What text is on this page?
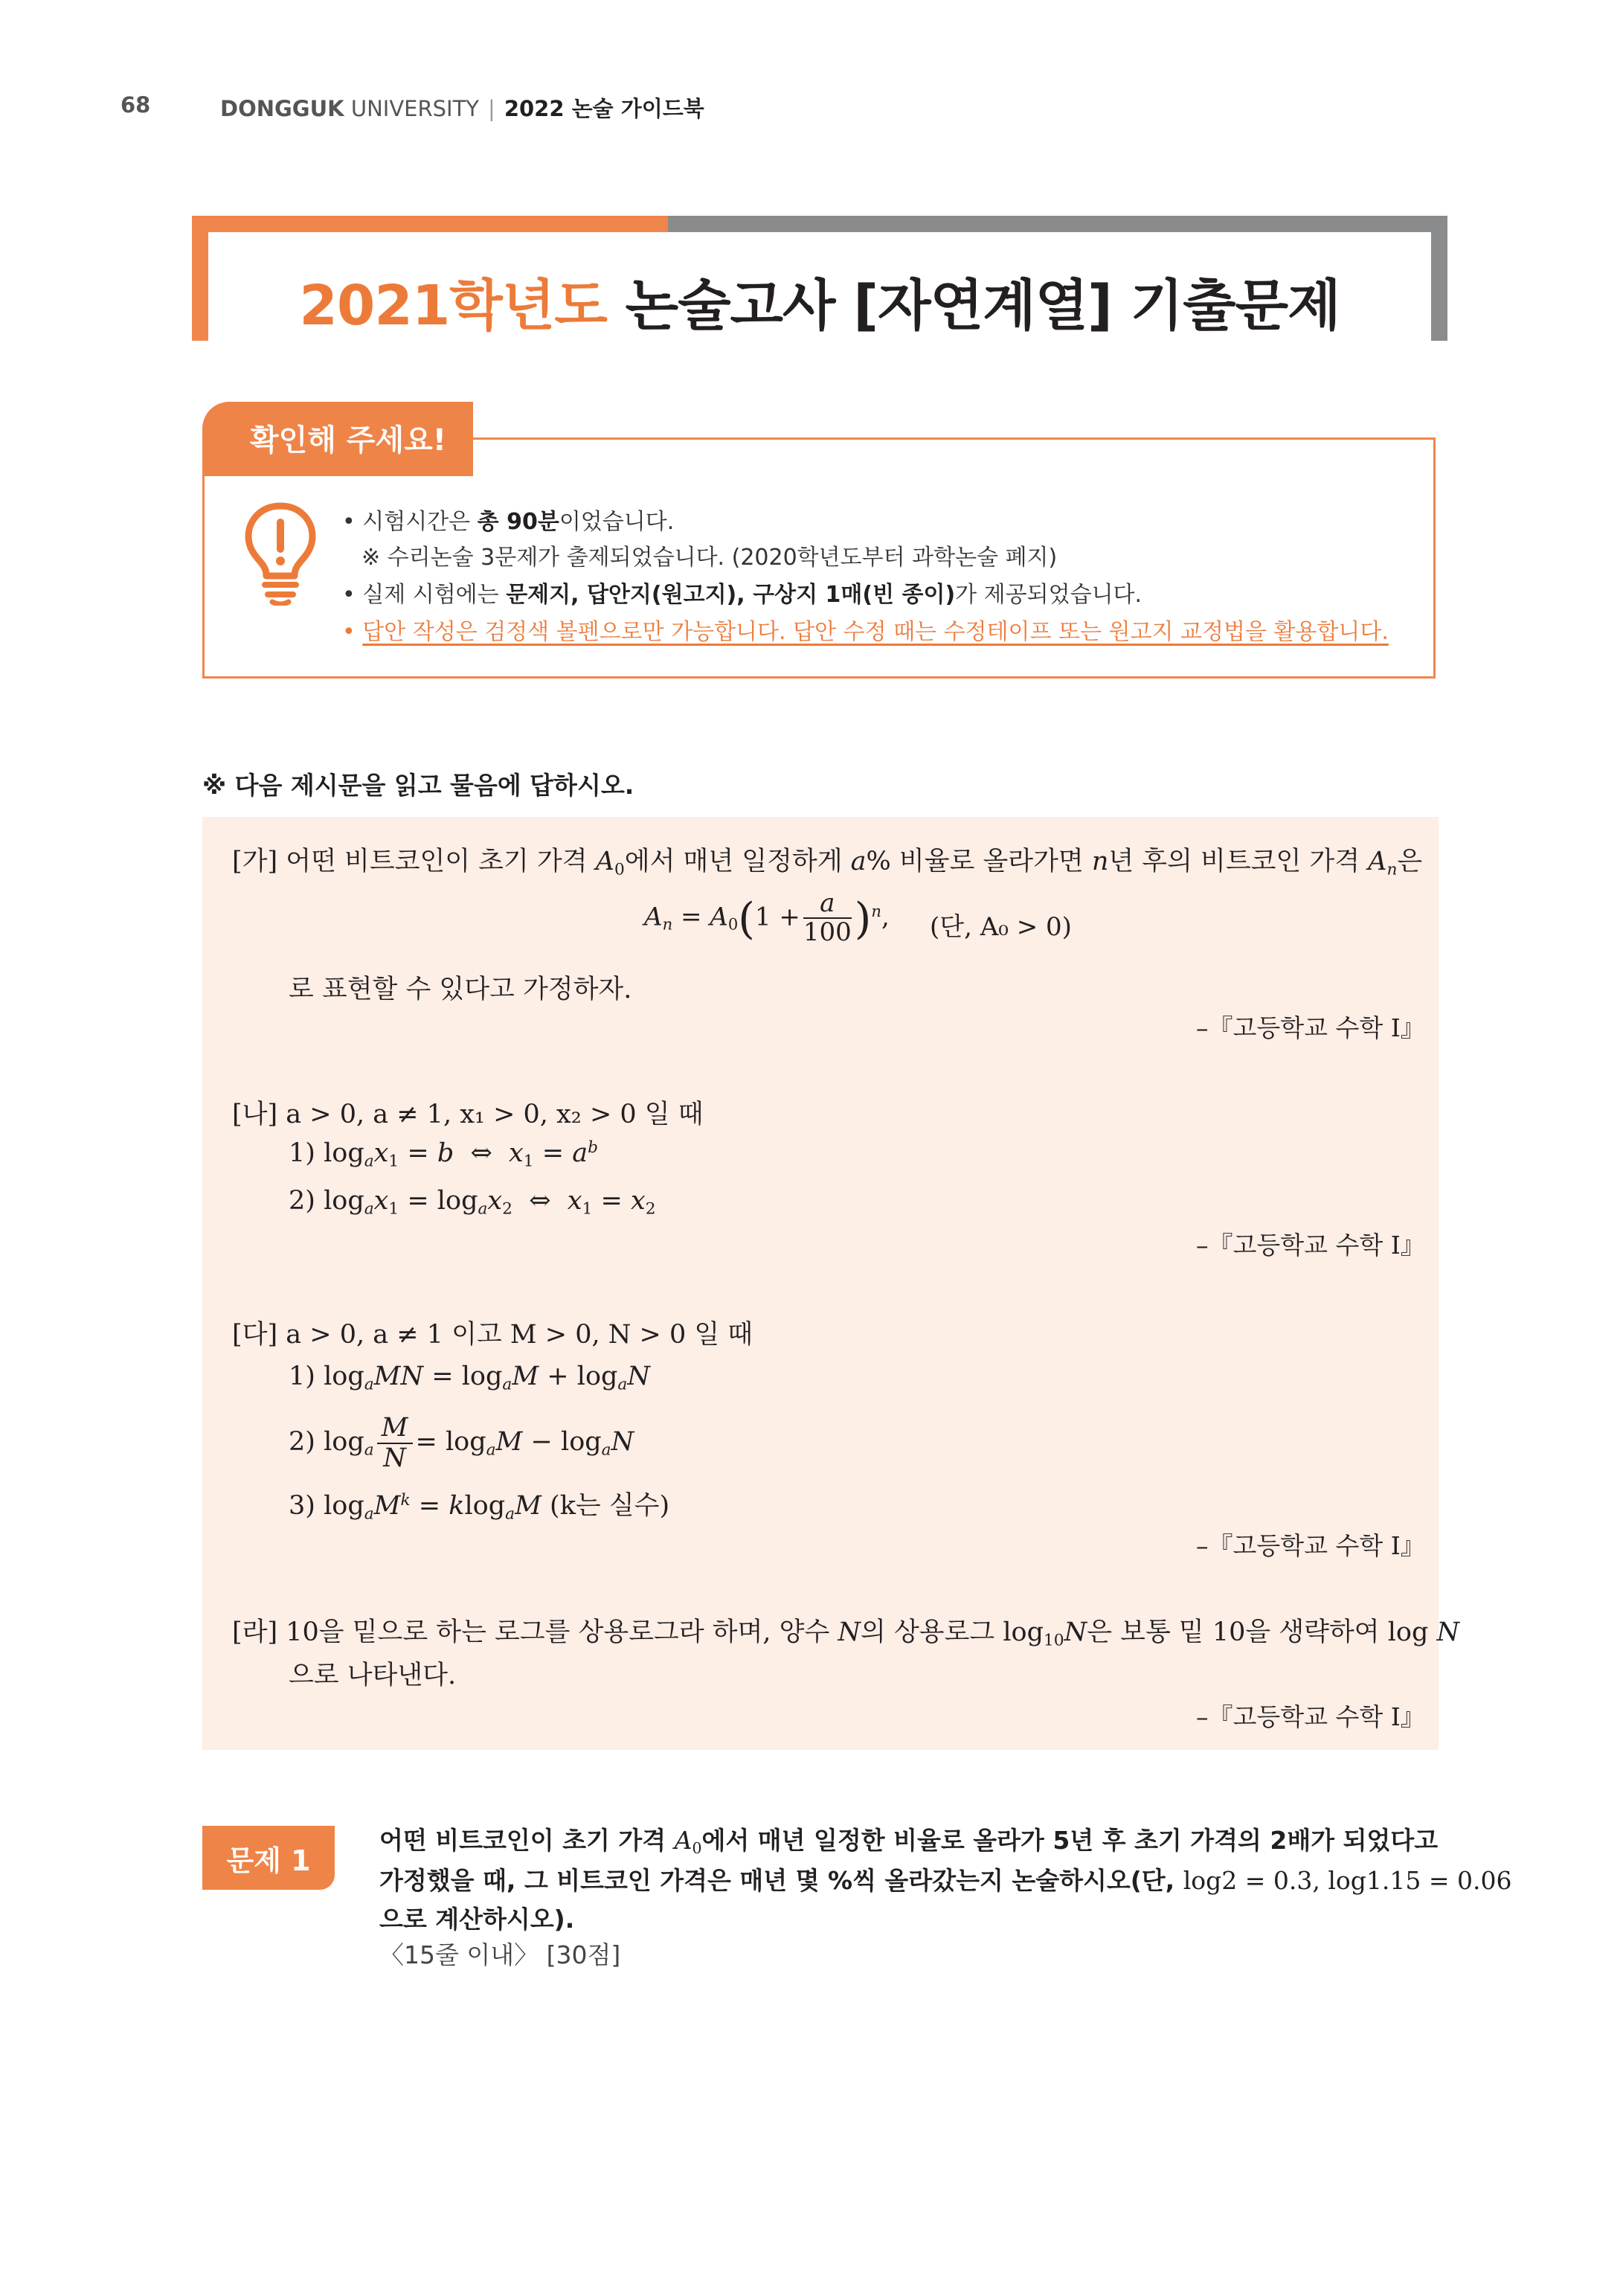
68	DONGGUK UNIVERSITY | 2022 논술 가이드북
2021학년도 논술고사 [자연계열] 기출문제
확인해 주세요!
• 시험시간은 총 90분이었습니다.
※ 수리논술 3문제가 출제되었습니다. (2020학년도부터 과학논술 폐지)
• 실제 시험에는 문제지, 답안지(원고지), 구상지 1매(빈 종이)가 제공되었습니다.
• 답안 작성은 검정색 볼펜으로만 가능합니다. 답안 수정 때는 수정테이프 또는 원고지 교정법을 활용합니다.
※ 다음 제시문을 읽고 물음에 답하시오.
[가] 어떤 비트코인이 초기 가격 $A_0$에서 매년 일정하게 a% 비율로 올라가면 n년 후의 비트코인 가격 $A_n$은
$A_n = A_0(1 + \frac{a}{100} )^n$, (단, A₀ > 0)
로 표현할 수 있다고 가정하자.
–『고등학교 수학 I』
[나] a > 0, a ≠ 1, x₁ > 0, x₂ > 0 일 때
1) $\log_ax_1 = b$  ⇔  $x_1 = a^b$
2) $\log_ax_1 = \log_ax_2$  ⇔  $x_1 = x_2$
–『고등학교 수학 I』
[다] a > 0, a ≠ 1 이고 M > 0, N > 0 일 때
1) $\log_aMN = \log_aM + \log_aN$
2) $\log_a \frac{M}{N} = \log_aM - \log_aN$
3) $\log_aM^k = klog_aM$ (k는 실수)
–『고등학교 수학 I』
[라] 10을 밑으로 하는 로그를 상용로그라 하며, 양수 N의 상용로그 $\log_{10}N$은 보통 밑 10을 생략하여 log N
으로 나타낸다.
–『고등학교 수학 I』
문제 1
어떤 비트코인이 초기 가격 $A_0$에서 매년 일정한 비율로 올라가 5년 후 초기 가격의 2배가 되었다고
가정했을 때, 그 비트코인 가격은 매년 몇 %씩 올라갔는지 논술하시오(단, log2 = 0.3, log1.15 = 0.06
으로 계산하시오).
〈15줄 이내〉 [30점]
